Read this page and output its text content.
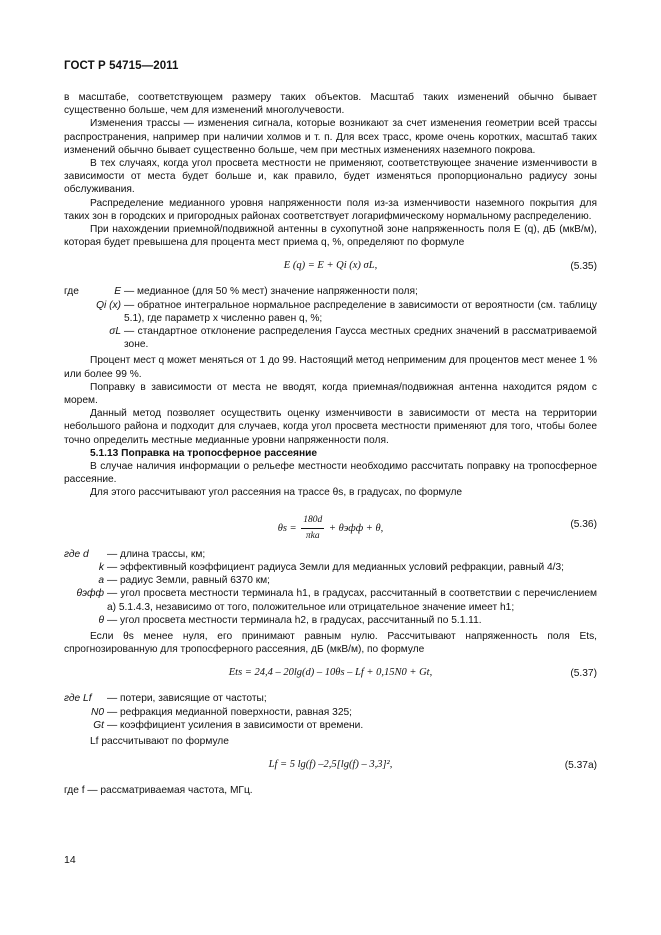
ГОСТ Р 54715—2011

в масштабе, соответствующем размеру таких объектов. Масштаб таких изменений обычно бывает существенно больше, чем для изменений многолучевости.

Изменения трассы — изменения сигнала, которые возникают за счет изменения геометрии всей трассы распространения, например при наличии холмов и т. п. Для всех трасс, кроме очень коротких, масштаб таких изменений обычно бывает существенно больше, чем при местных изменениях наземного покрова.

В тех случаях, когда угол просвета местности не применяют, соответствующее значение изменчивости в зависимости от места будет больше и, как правило, будет изменяться пропорционально радиусу зоны обслуживания.

Распределение медианного уровня напряженности поля из-за изменчивости наземного покрытия для таких зон в городских и пригородных районах соответствует логарифмическому нормальному распределению.

При нахождении приемной/подвижной антенны в сухопутной зоне напряженность поля E (q), дБ (мкВ/м), которая будет превышена для процента мест приема q, %, определяют по формуле

E (q) = E + Qi (x) σL,	(5.35)
где	E — медианное (для 50 % мест) значение напряженности поля;
Qi (x) — обратное интегральное нормальное распределение в зависимости от вероятности (см. таблицу 5.1), где параметр x численно равен q, %;
σL — стандартное отклонение распределения Гаусса местных средних значений в рассматриваемой зоне.

Процент мест q может меняться от 1 до 99. Настоящий метод неприменим для процентов мест менее 1 % или более 99 %.

Поправку в зависимости от места не вводят, когда приемная/подвижная антенна находится рядом с морем.

Данный метод позволяет осуществить оценку изменчивости в зависимости от места на территории небольшого района и подходит для случаев, когда угол просвета местности применяют для того, чтобы более точно определить местные медианные уровни напряженности поля.

5.1.13 Поправка на тропосферное рассеяние

В случае наличия информации о рельефе местности необходимо рассчитать поправку на тропосферное рассеяние.

Для этого рассчитывают угол рассеяния на трассе θs, в градусах, по формуле

$\theta s = \frac{180d}{\text{πka}} + \theta эфф + \theta$,	(5.36)
где d	— длина трассы, км;
k — эффективный коэффициент радиуса Земли для медианных условий рефракции, равный 4/3;
a — радиус Земли, равный 6370 км;
θэфф — угол просвета местности терминала h1, в градусах, рассчитанный в соответствии с перечислением а) 5.1.4.3, независимо от того, положительное или отрицательное значение имеет h1;
θ — угол просвета местности терминала h2, в градусах, рассчитанный по 5.1.11.

Если θs менее нуля, его принимают равным нулю. Рассчитывают напряженность поля Ets, спрогнозированную для тропосферного рассеяния, дБ (мкВ/м), по формуле

Ets = 24,4 – 20lg(d) – 10θs – Lf + 0,15N0 + Gt,	(5.37)
где Lf	— потери, зависящие от частоты;
N0 — рефракция медианной поверхности, равная 325;
Gt — коэффициент усиления в зависимости от времени.

Lf рассчитывают по формуле

Lf = 5 lg(f) –2,5[lg(f) – 3,3]²,	(5.37а)

где f — рассматриваемая частота, МГц.

14
